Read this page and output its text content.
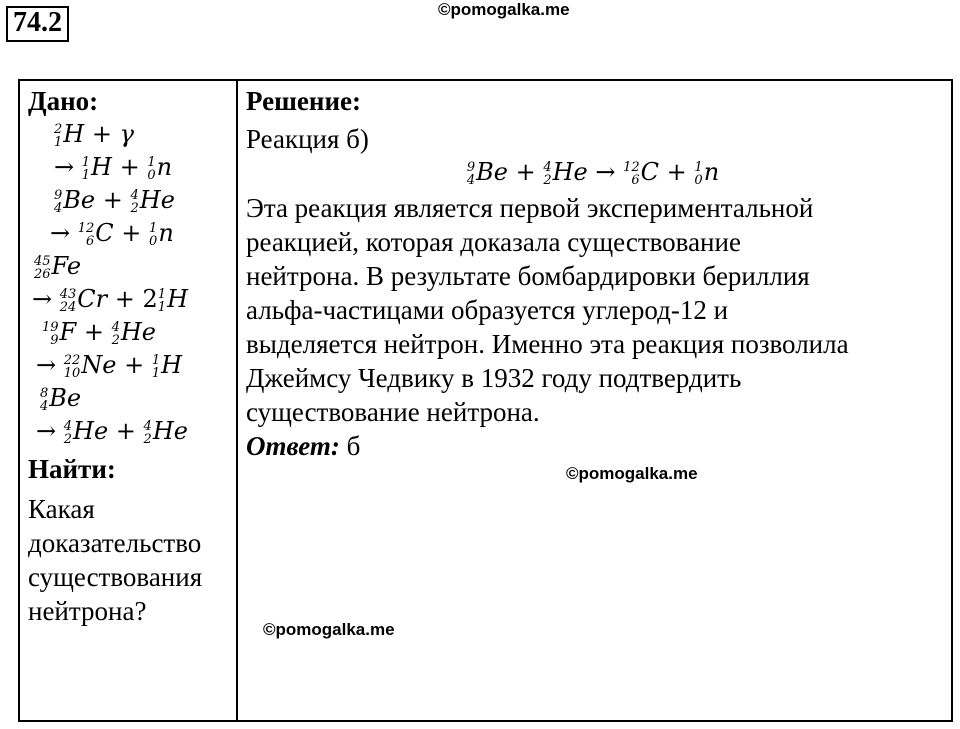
74.2	©pomogalka.me
©pomogalka.me
©pomogalka.me
Дано:
2
1 H + γ
→ 1
1 H + 1
0 n
9
4 Be + 4
2 He
→ 12
6 C + 1
0 n
45
26 Fe
→ 43
24 Cr + 2 1
1 H
19
9 F + 4
2 He
→ 22
10 Ne + 1
1 H
8
4 Be
→ 4
2 He + 4
2 He
Найти:
Какая
доказательство
существования
нейтрона?
Решение:
Реакция б)
9
4 Be + 4
2 He → 12
6 C + 1
0 n
Эта реакция является первой экспериментальной
реакцией, которая доказала существование
нейтрона. В результате бомбардировки бериллия
альфа-частицами образуется углерод-12 и
выделяется нейтрон. Именно эта реакция позволила
Джеймсу Чедвику в 1932 году подтвердить
существование нейтрона.
Ответ: б
